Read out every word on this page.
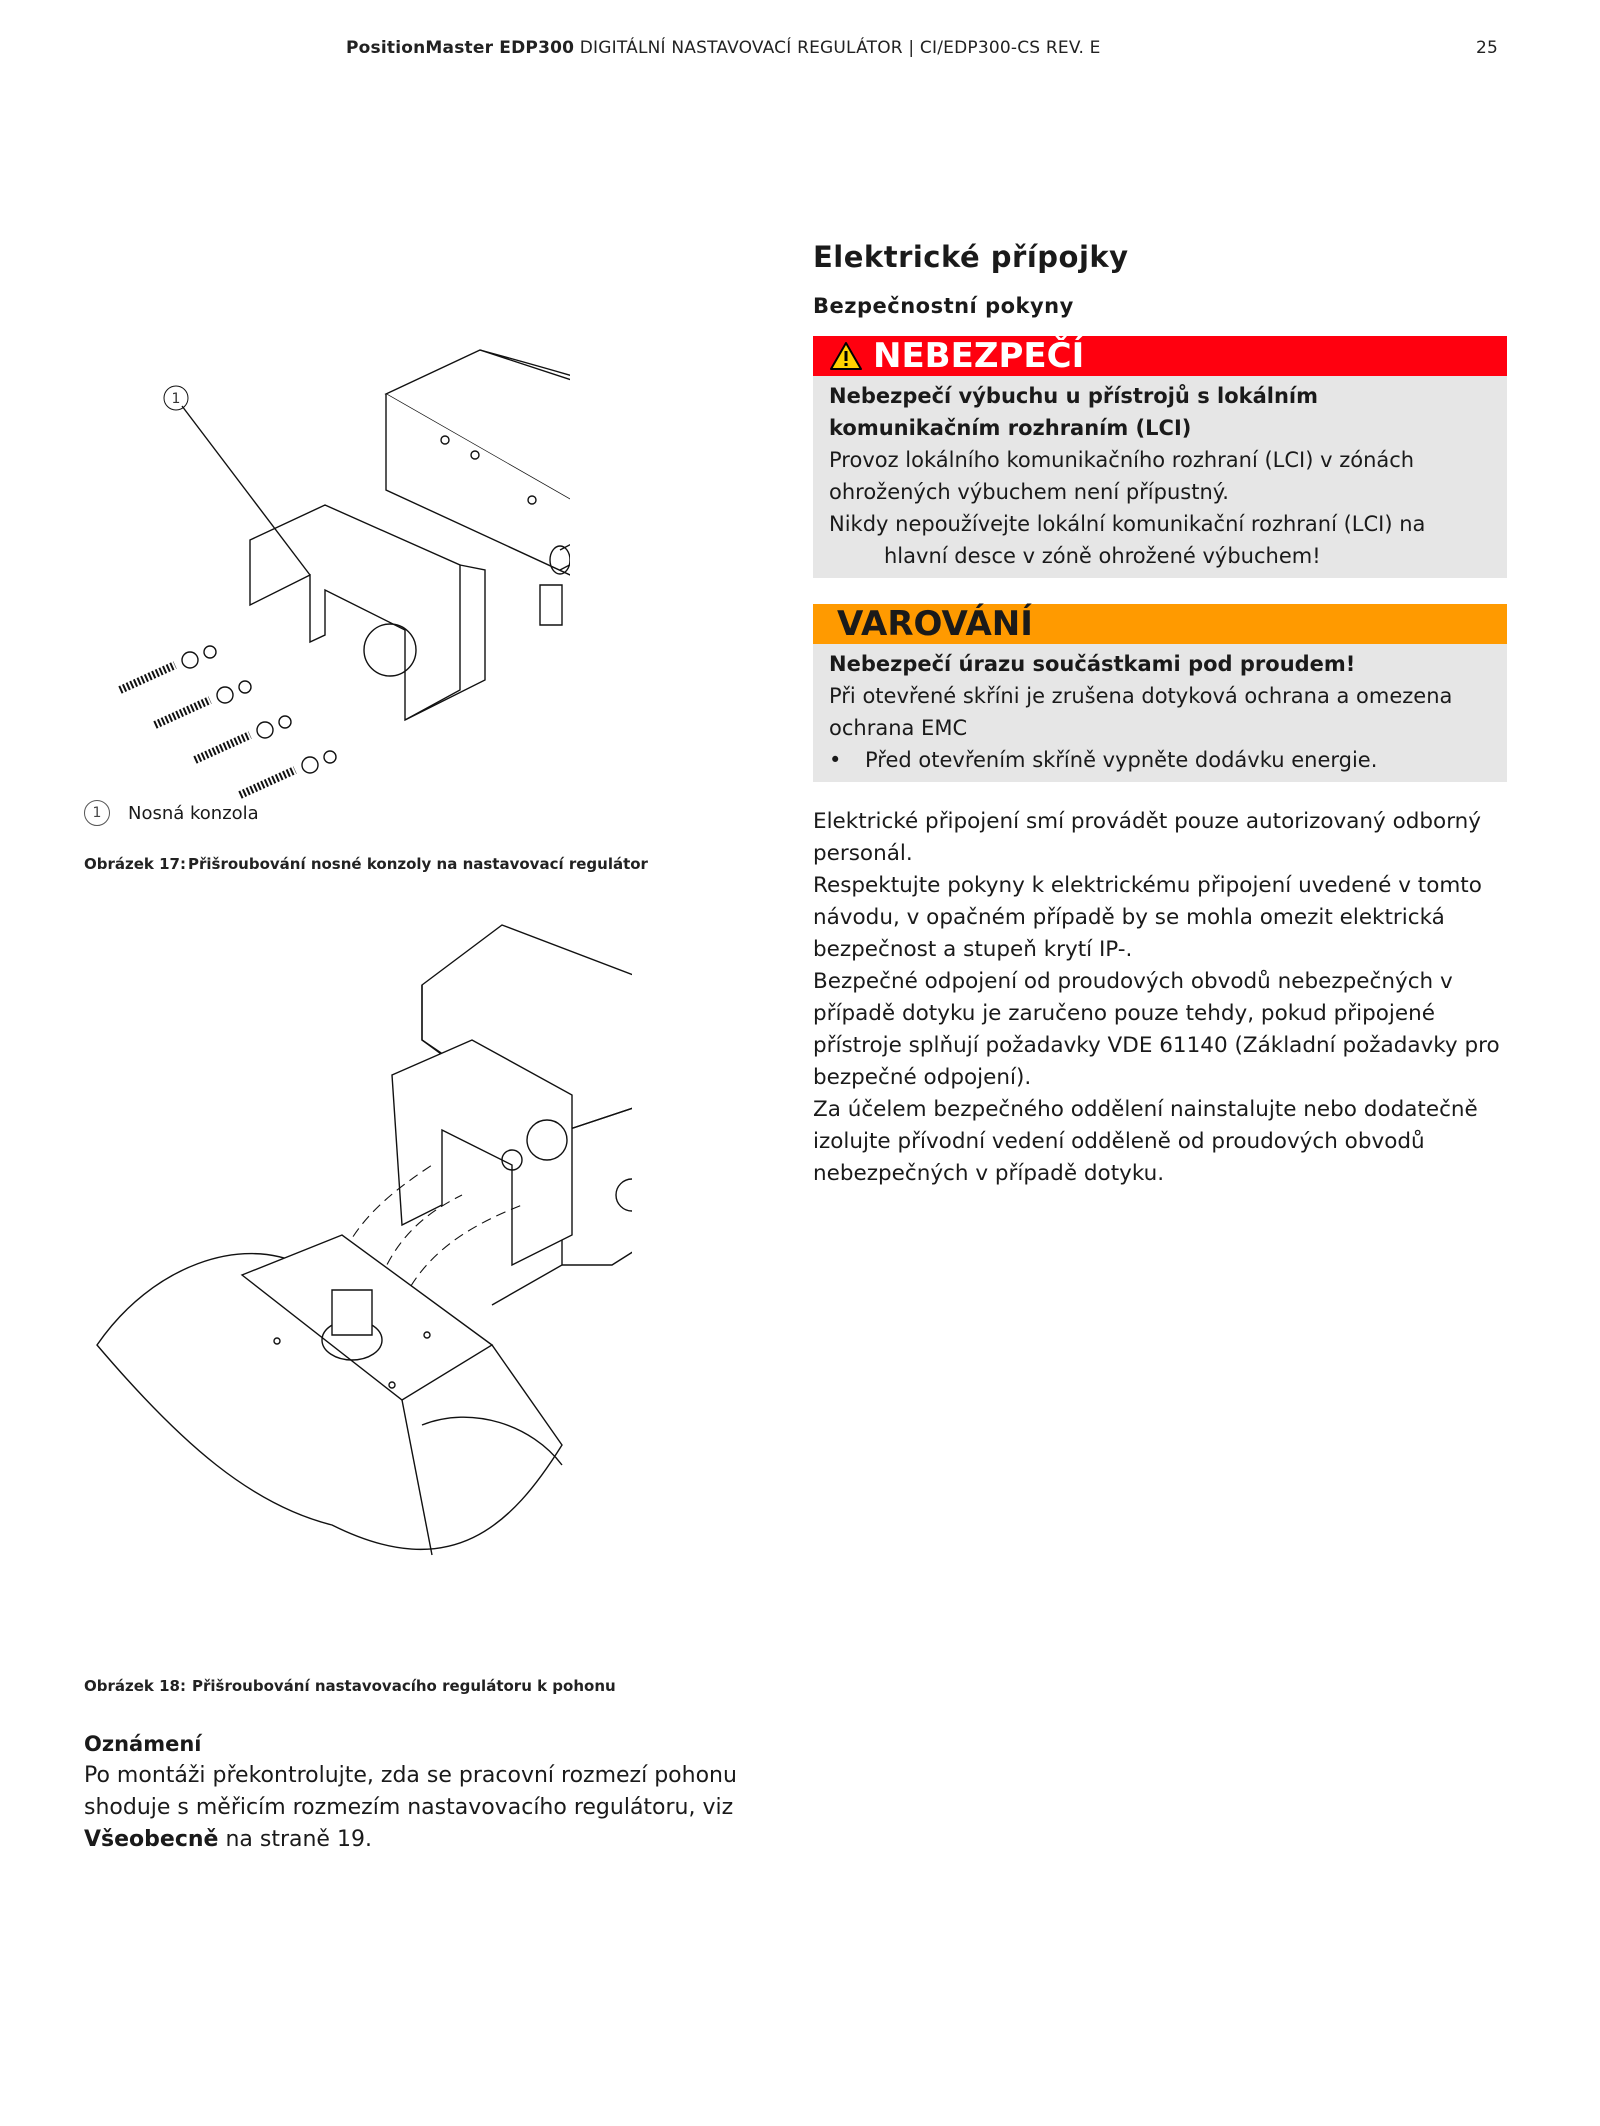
PositionMaster EDP300 DIGITÁLNÍ NASTAVOVACÍ REGULÁTOR | CI/EDP300-CS REV. E	25
1
1	Nosná konzola
Obrázek 17: Přišroubování nosné konzoly na nastavovací regulátor
Obrázek 18: Přišroubování nastavovacího regulátoru k pohonu
Oznámení

Po montáži překontrolujte, zda se pracovní rozmezí pohonu shoduje s měřicím rozmezím nastavovacího regulátoru, viz Všeobecně na straně 19.

Elektrické přípojky
Bezpečnostní pokyny
NEBEZPEČÍ

Nebezpečí výbuchu u přístrojů s lokálním komunikačním rozhraním (LCI)

Provoz lokálního komunikačního rozhraní (LCI) v zónách ohrožených výbuchem není přípustný.

Nikdy nepoužívejte lokální komunikační rozhraní (LCI) na hlavní desce v zóně ohrožené výbuchem!

VAROVÁNÍ

Nebezpečí úrazu součástkami pod proudem!

Při otevřené skříni je zrušena dotyková ochrana a omezena ochrana EMC

•	Před otevřením skříně vypněte dodávku energie.

Elektrické připojení smí provádět pouze autorizovaný odborný personál.

Respektujte pokyny k elektrickému připojení uvedené v tomto návodu, v opačném případě by se mohla omezit elektrická bezpečnost a stupeň krytí IP-.

Bezpečné odpojení od proudových obvodů nebezpečných v případě dotyku je zaručeno pouze tehdy, pokud připojené přístroje splňují požadavky VDE 61140 (Základní požadavky pro bezpečné odpojení).

Za účelem bezpečného oddělení nainstalujte nebo dodatečně izolujte přívodní vedení odděleně od proudových obvodů nebezpečných v případě dotyku.
